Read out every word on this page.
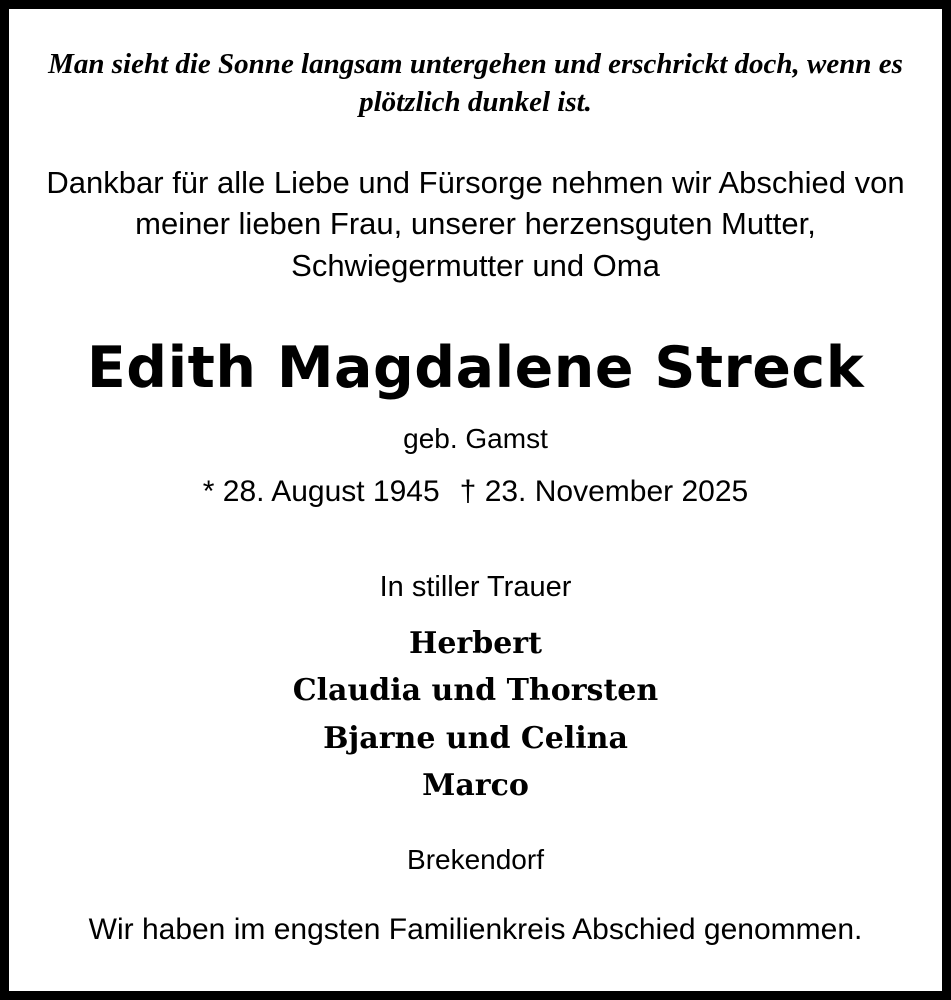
Man sieht die Sonne langsam untergehen und erschrickt doch, wenn es plötzlich dunkel ist.
Dankbar für alle Liebe und Fürsorge nehmen wir Abschied von meiner lieben Frau, unserer herzensguten Mutter, Schwiegermutter und Oma
Edith Magdalene Streck
geb. Gamst
* 28. August 1945 † 23. November 2025
In stiller Trauer
Herbert
Claudia und Thorsten
Bjarne und Celina
Marco
Brekendorf
Wir haben im engsten Familienkreis Abschied genommen.
